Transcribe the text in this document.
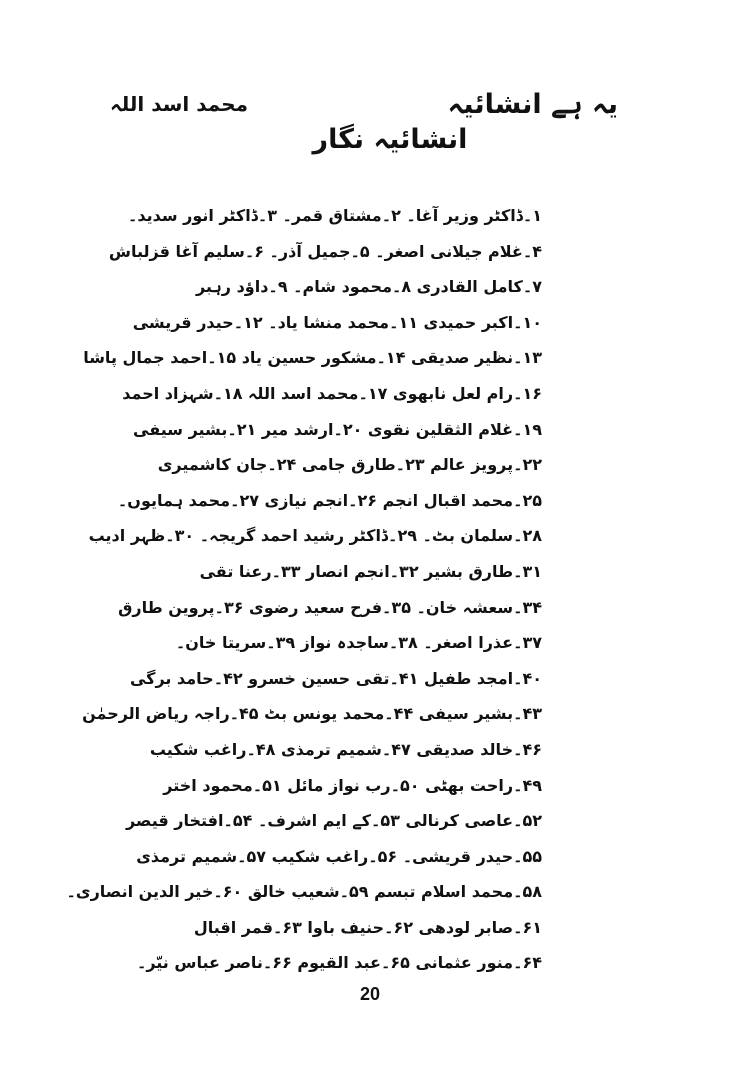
یہ ہے انشائیہ
محمد اسد اللہ
انشائیہ نگار
۱۔ڈاکٹر وزیر آغا۔ ۲۔مشتاق قمر۔ ۳۔ڈاکٹر انور سدید۔
۴۔غلام جیلانی اصغر۔ ۵۔جمیل آذر۔ ۶۔سلیم آغا قزلباش
۷۔کامل القادری ۸۔محمود شام۔ ۹۔داؤد رہبر
۱۰۔اکبر حمیدی ۱۱۔محمد منشا یاد۔ ۱۲۔حیدر قریشی
۱۳۔نظیر صدیقی ۱۴۔مشکور حسین یاد ۱۵۔احمد جمال پاشا
۱۶۔رام لعل نابھوی ۱۷۔محمد اسد اللہ ۱۸۔شہزاد احمد
۱۹۔غلام الثقلین نقوی ۲۰۔ارشد میر ۲۱۔بشیر سیفی
۲۲۔پرویز عالم ۲۳۔طارق جامی ۲۴۔جان کاشمیری
۲۵۔محمد اقبال انجم ۲۶۔انجم نیازی ۲۷۔محمد ہمایوں۔
۲۸۔سلمان بٹ۔ ۲۹۔ڈاکٹر رشید احمد گریجہ۔ ۳۰۔ظہر ادیب
۳۱۔طارق بشیر ۳۲۔انجم انصار ۳۳۔رعنا تقی
۳۴۔سعشہ خان۔ ۳۵۔فرح سعید رضوی ۳۶۔پروین طارق
۳۷۔عذرا اصغر۔ ۳۸۔ساجدہ نواز ۳۹۔سریتا خان۔
۴۰۔امجد طفیل ۴۱۔تقی حسین خسرو ۴۲۔حامد برگی
۴۳۔بشیر سیفی ۴۴۔محمد یونس بٹ ۴۵۔راجہ ریاض الرحمٰن
۴۶۔خالد صدیقی ۴۷۔شمیم ترمذی ۴۸۔راغب شکیب
۴۹۔راحت بھٹی ۵۰۔رب نواز مائل ۵۱۔محمود اختر
۵۲۔عاصی کرنالی ۵۳۔کے ایم اشرف۔ ۵۴۔افتخار قیصر
۵۵۔حیدر قریشی۔ ۵۶۔راغب شکیب ۵۷۔شمیم ترمذی
۵۸۔محمد اسلام تبسم ۵۹۔شعیب خالق ۶۰۔خیر الدین انصاری۔
۶۱۔صابر لودھی ۶۲۔حنیف باوا ۶۳۔قمر اقبال
۶۴۔منور عثمانی ۶۵۔عبد القیوم ۶۶۔ناصر عباس نیّر۔
20
